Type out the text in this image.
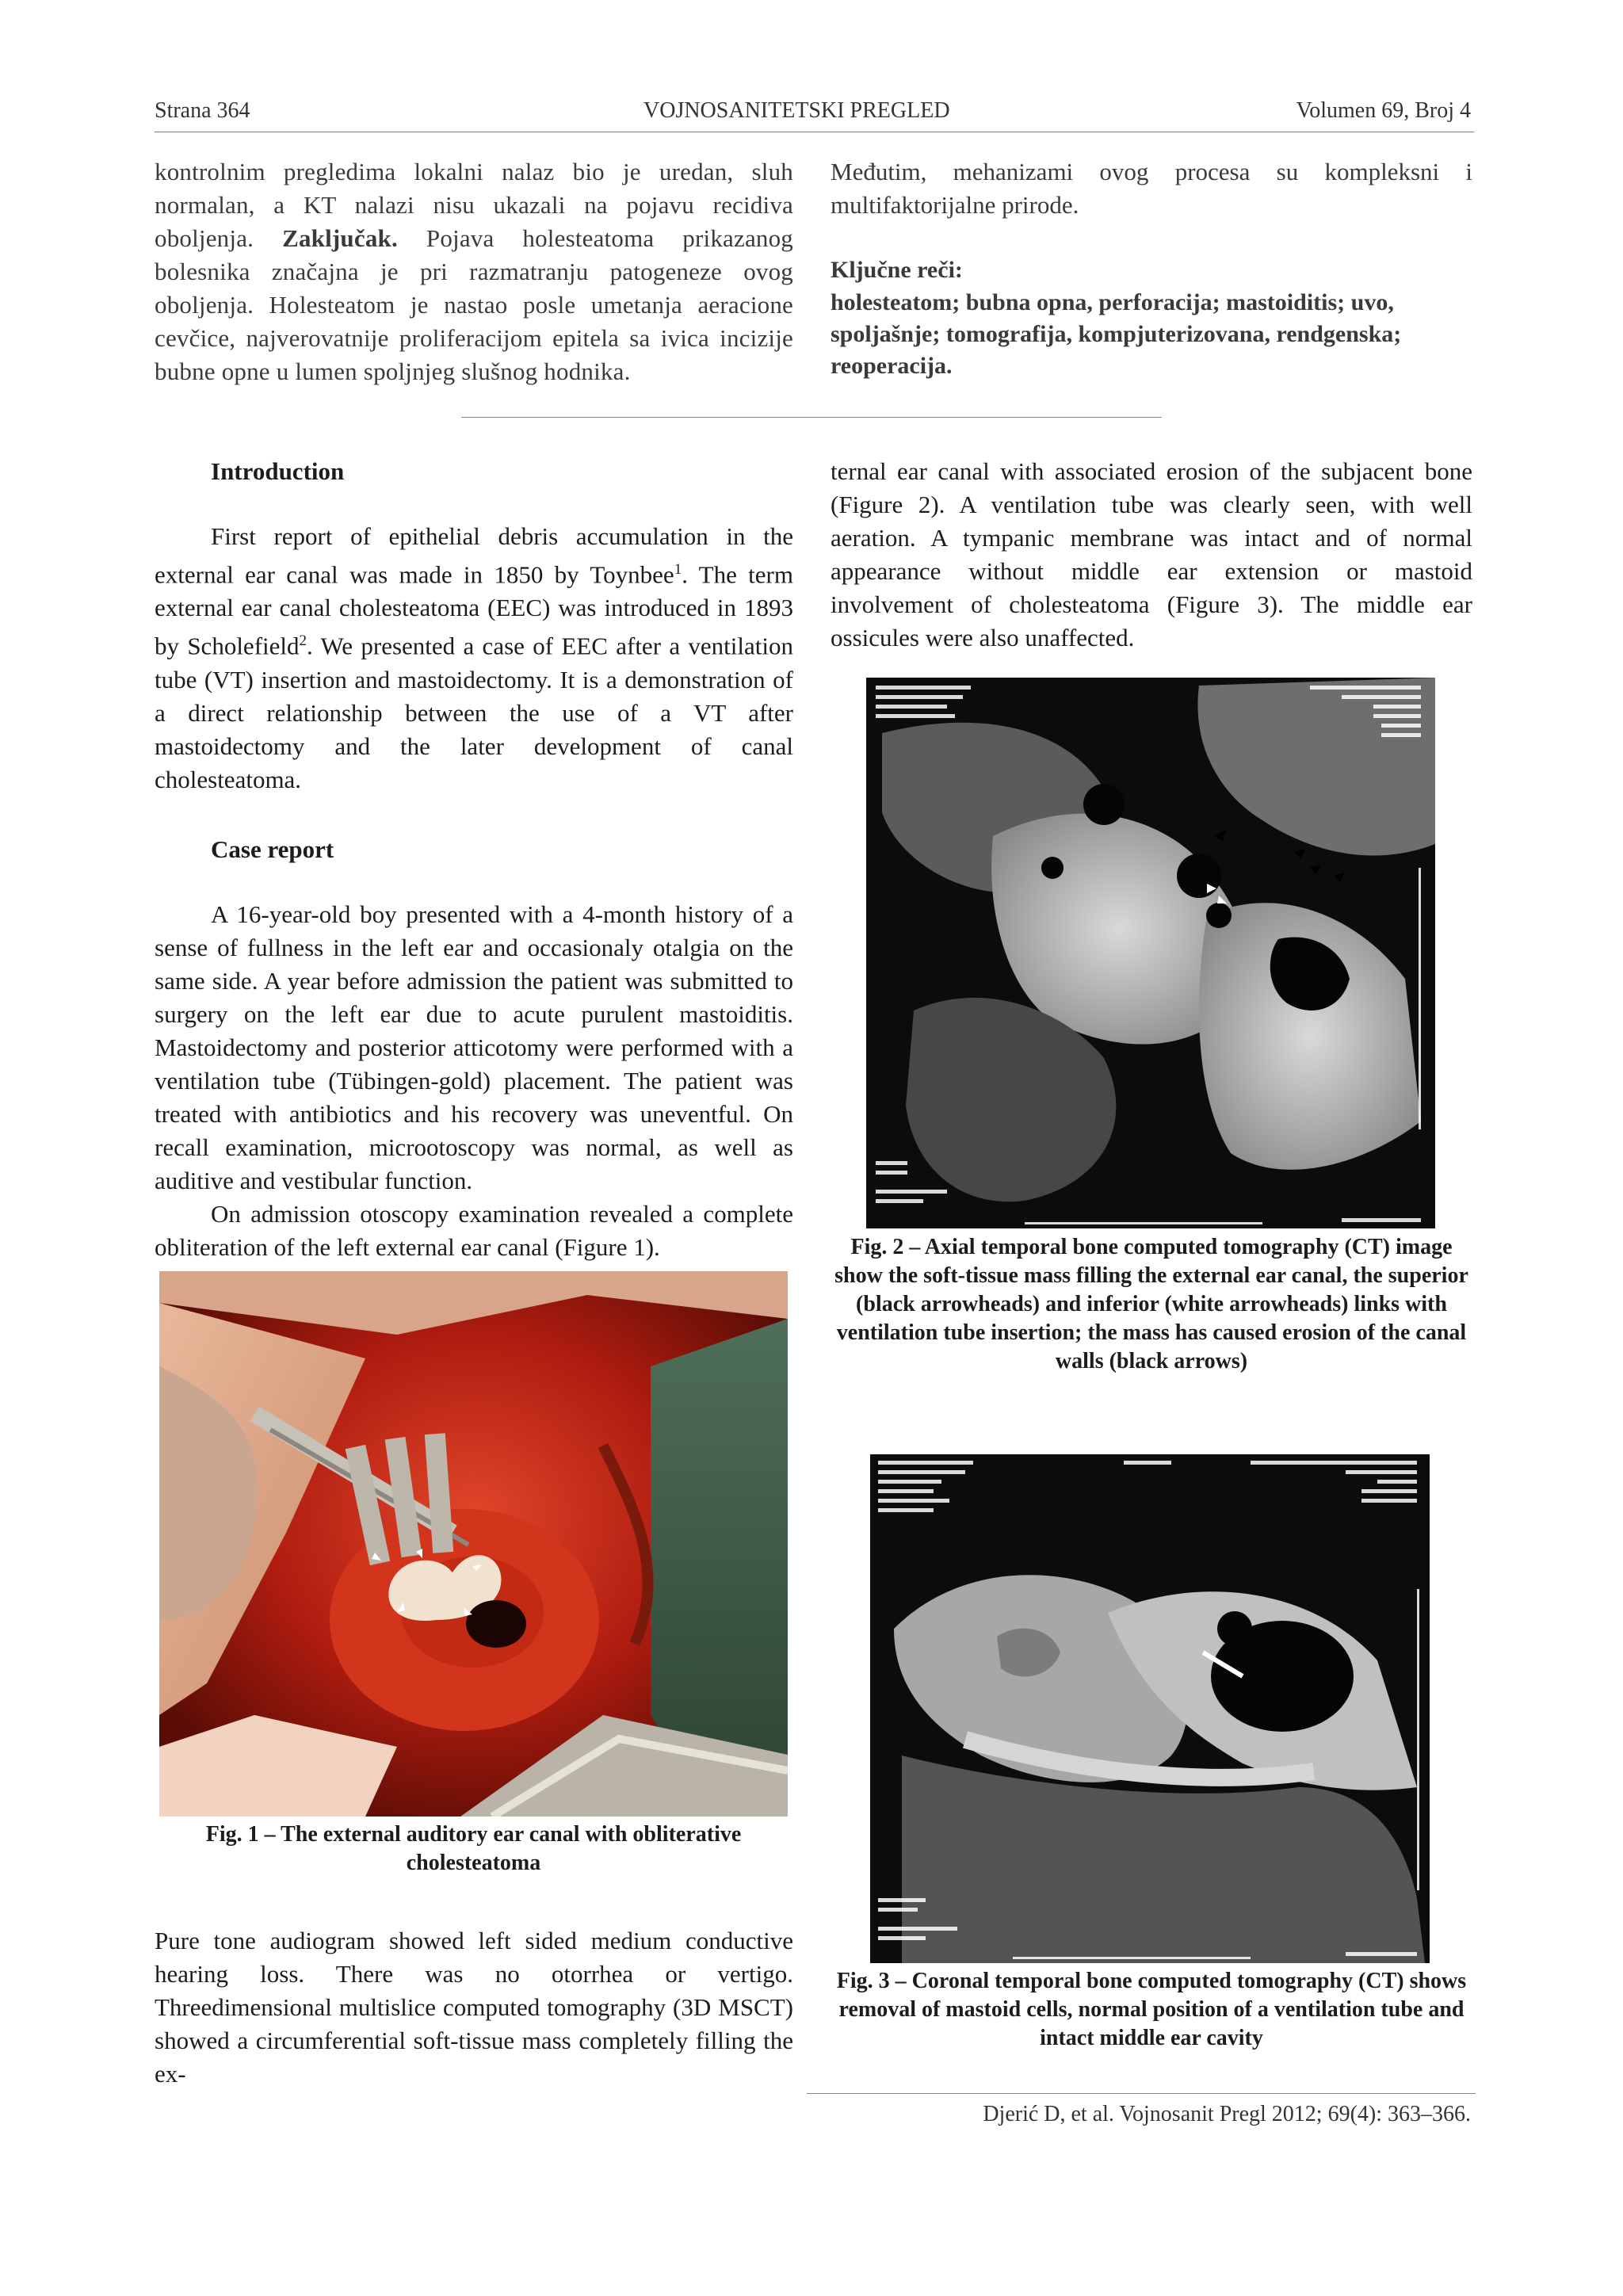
Strana 364	VOJNOSANITETSKI PREGLED	Volumen 69, Broj 4

kontrolnim pregledima lokalni nalaz bio je uredan, sluh normalan, a KT nalazi nisu ukazali na pojavu recidiva oboljenja. Zaključak. Pojava holesteatoma prikazanog bolesnika značajna je pri razmatranju patogeneze ovog oboljenja. Holesteatom je nastao posle umetanja aeracione cevčice, najverovatnije proliferacijom epitela sa ivica incizije bubne opne u lumen spoljnjeg slušnog hodnika.

Međutim, mehanizami ovog procesa su kompleksni i multifaktorijalne prirode.

Ključne reči:
holesteatom; bubna opna, perforacija; mastoiditis; uvo, spoljašnje; tomografija, kompjuterizovana, rendgenska; reoperacija.
Introduction

First report of epithelial debris accumulation in the external ear canal was made in 1850 by Toynbee$^1$. The term external ear canal cholesteatoma (EEC) was introduced in 1893 by Scholefield$^2$. We presented a case of EEC after a ventilation tube (VT) insertion and mastoidectomy. It is a demonstration of a direct relationship between the use of a VT after mastoidectomy and the later development of canal cholesteatoma.

Case report

A 16-year-old boy presented with a 4-month history of a sense of fullness in the left ear and occasionaly otalgia on the same side. A year before admission the patient was submitted to surgery on the left ear due to acute purulent mastoiditis. Mastoidectomy and posterior atticotomy were performed with a ventilation tube (Tübingen-gold) placement. The patient was treated with antibiotics and his recovery was uneventful. On recall examination, microotoscopy was normal, as well as auditive and vestibular function.

On admission otoscopy examination revealed a complete obliteration of the left external ear canal (Figure 1).

Fig. 1 – The external auditory ear canal with obliterative cholesteatoma

Pure tone audiogram showed left sided medium conductive hearing loss. There was no otorrhea or vertigo. Threedimensional multislice computed tomography (3D MSCT) showed a circumferential soft-tissue mass completely filling the ex-

ternal ear canal with associated erosion of the subjacent bone (Figure 2). A ventilation tube was clearly seen, with well aeration. A tympanic membrane was intact and of normal appearance without middle ear extension or mastoid involvement of cholesteatoma (Figure 3). The middle ear ossicules were also unaffected.

Fig. 2 – Axial temporal bone computed tomography (CT) image show the soft-tissue mass filling the external ear canal, the superior (black arrowheads) and inferior (white arrowheads) links with ventilation tube insertion; the mass has caused erosion of the canal walls (black arrows)
Fig. 3 – Coronal temporal bone computed tomography (CT) shows removal of mastoid cells, normal position of a ventilation tube and intact middle ear cavity
Djerić D, et al. Vojnosanit Pregl 2012; 69(4): 363–366.
